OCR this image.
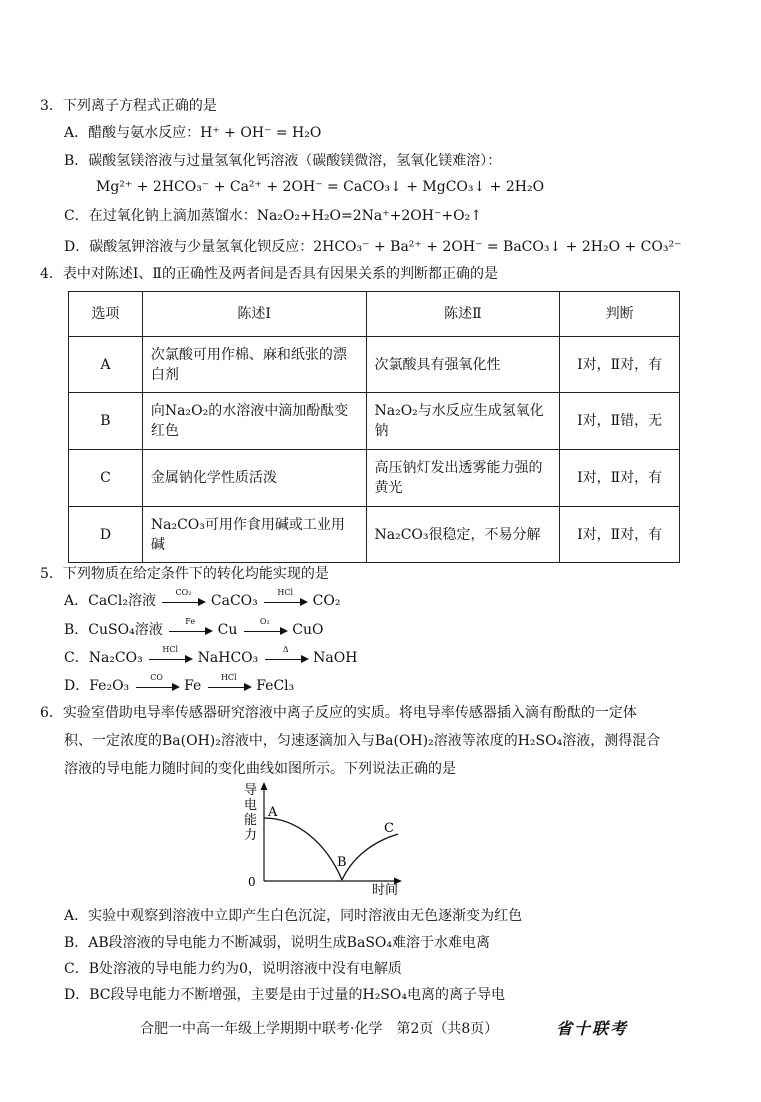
3．下列离子方程式正确的是
A．醋酸与氨水反应：H⁺ + OH⁻ = H₂O
B．碳酸氢镁溶液与过量氢氧化钙溶液（碳酸镁微溶，氢氧化镁难溶）：
Mg²⁺ + 2HCO₃⁻ + Ca²⁺ + 2OH⁻ = CaCO₃↓ + MgCO₃↓ + 2H₂O
C．在过氧化钠上滴加蒸馏水：Na₂O₂+H₂O=2Na⁺+2OH⁻+O₂↑
D．碳酸氢钾溶液与少量氢氧化钡反应：2HCO₃⁻ + Ba²⁺ + 2OH⁻ = BaCO₃↓ + 2H₂O + CO₃²⁻
4．表中对陈述Ⅰ、Ⅱ的正确性及两者间是否具有因果关系的判断都正确的是
选项	陈述Ⅰ	陈述Ⅱ	判断
A	次氯酸可用作棉、麻和纸张的漂白剂	次氯酸具有强氧化性	Ⅰ对，Ⅱ对，有
B	向Na₂O₂的水溶液中滴加酚酞变红色	Na₂O₂与水反应生成氢氧化钠	Ⅰ对，Ⅱ错，无
C	金属钠化学性质活泼	高压钠灯发出透雾能力强的黄光	Ⅰ对，Ⅱ对，有
D	Na₂CO₃可用作食用碱或工业用碱	Na₂CO₃很稳定，不易分解	Ⅰ对，Ⅱ对，有
5．下列物质在给定条件下的转化均能实现的是
A．CaCl₂溶液
CO₂
CaCO₃
HCl
CO₂
B．CuSO₄溶液
Fe
Cu
O₂
CuO
C．Na₂CO₃
HCl
NaHCO₃
Δ
NaOH
D．Fe₂O₃
CO
Fe
HCl
FeCl₃
6．实验室借助电导率传感器研究溶液中离子反应的实质。将电导率传感器插入滴有酚酞的一定体
积、一定浓度的Ba(OH)₂溶液中，匀速逐滴加入与Ba(OH)₂溶液等浓度的H₂SO₄溶液，测得混合
溶液的导电能力随时间的变化曲线如图所示。下列说法正确的是
导
电
能
力
0
时间
A
B
C
A．实验中观察到溶液中立即产生白色沉淀，同时溶液由无色逐渐变为红色
B．AB段溶液的导电能力不断减弱，说明生成BaSO₄难溶于水难电离
C．B处溶液的导电能力约为0，说明溶液中没有电解质
D．BC段导电能力不断增强，主要是由于过量的H₂SO₄电离的离子导电
合肥一中高一年级上学期期中联考·化学　第2页（共8页）	省十联考
